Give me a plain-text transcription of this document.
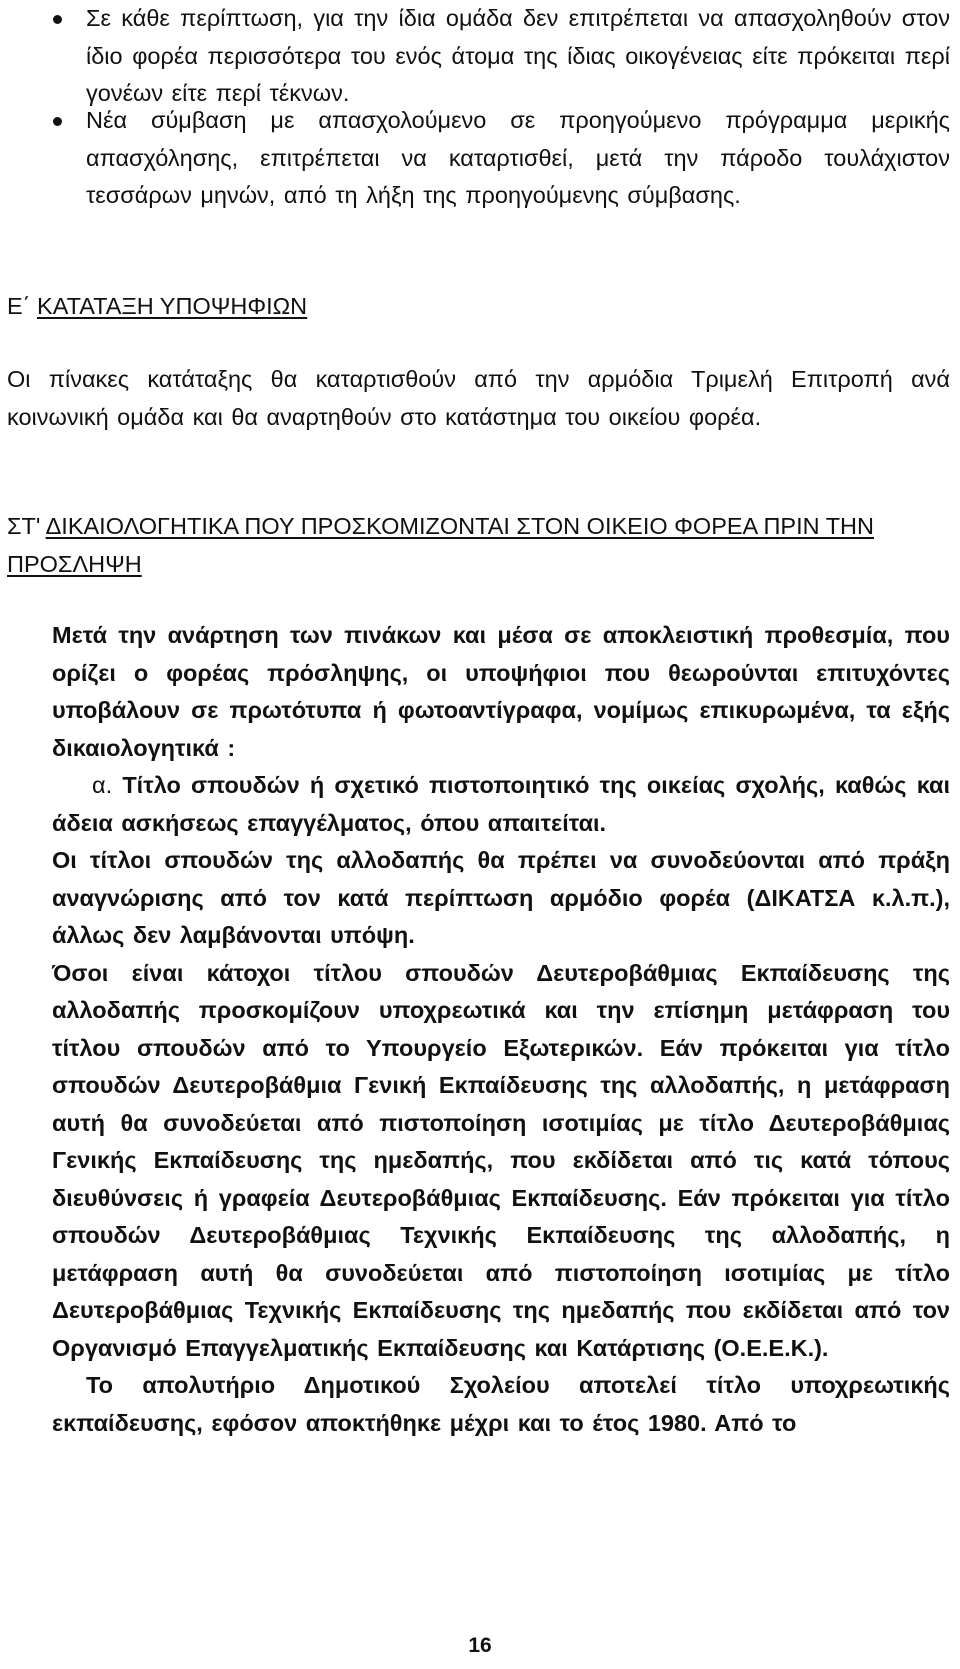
Σε κάθε περίπτωση, για την ίδια ομάδα δεν επιτρέπεται να απασχοληθούν στον ίδιο φορέα περισσότερα του ενός άτομα της ίδιας οικογένειας είτε πρόκειται περί γονέων είτε περί τέκνων.
Νέα σύμβαση με απασχολούμενο σε προηγούμενο πρόγραμμα μερικής απασχόλησης, επιτρέπεται να καταρτισθεί, μετά την πάροδο τουλάχιστον τεσσάρων μηνών, από τη λήξη της προηγούμενης σύμβασης.
Ε΄ ΚΑΤΑΤΑΞΗ ΥΠΟΨΗΦΙΩΝ
Οι πίνακες κατάταξης θα καταρτισθούν από την αρμόδια Τριμελή Επιτροπή ανά κοινωνική ομάδα και θα αναρτηθούν στο κατάστημα του οικείου φορέα.
ΣΤ' ΔΙΚΑΙΟΛΟΓΗΤΙΚΑ ΠΟΥ ΠΡΟΣΚΟΜΙΖΟΝΤΑΙ ΣΤΟΝ ΟΙΚΕΙΟ ΦΟΡΕΑ ΠΡΙΝ ΤΗΝ ΠΡΟΣΛΗΨΗ

Μετά την ανάρτηση των πινάκων και μέσα σε αποκλειστική προθεσμία, που ορίζει ο φορέας πρόσληψης, οι υποψήφιοι που θεωρούνται επιτυχόντες υποβάλουν σε πρωτότυπα ή φωτοαντίγραφα, νομίμως επικυρωμένα, τα εξής δικαιολογητικά :

α. Τίτλο σπουδών ή σχετικό πιστοποιητικό της οικείας σχολής, καθώς και άδεια ασκήσεως επαγγέλματος, όπου απαιτείται.

Οι τίτλοι σπουδών της αλλοδαπής θα πρέπει να συνοδεύονται από πράξη αναγνώρισης από τον κατά περίπτωση αρμόδιο φορέα (ΔΙΚΑΤΣΑ κ.λ.π.), άλλως δεν λαμβάνονται υπόψη.

Όσοι είναι κάτοχοι τίτλου σπουδών Δευτεροβάθμιας Εκπαίδευσης της αλλοδαπής προσκομίζουν υποχρεωτικά και την επίσημη μετάφραση του τίτλου σπουδών από το Υπουργείο Εξωτερικών. Εάν πρόκειται για τίτλο σπουδών Δευτεροβάθμια Γενική Εκπαίδευσης της αλλοδαπής, η μετάφραση αυτή θα συνοδεύεται από πιστοποίηση ισοτιμίας με τίτλο Δευτεροβάθμιας Γενικής Εκπαίδευσης της ημεδαπής, που εκδίδεται από τις κατά τόπους διευθύνσεις ή γραφεία Δευτεροβάθμιας Εκπαίδευσης. Εάν πρόκειται για τίτλο σπουδών Δευτεροβάθμιας Τεχνικής Εκπαίδευσης της αλλοδαπής, η μετάφραση αυτή θα συνοδεύεται από πιστοποίηση ισοτιμίας με τίτλο Δευτεροβάθμιας Τεχνικής Εκπαίδευσης της ημεδαπής που εκδίδεται από τον Οργανισμό Επαγγελματικής Εκπαίδευσης και Κατάρτισης (Ο.Ε.Ε.Κ.).

Το απολυτήριο Δημοτικού Σχολείου αποτελεί τίτλο υποχρεωτικής εκπαίδευσης, εφόσον αποκτήθηκε μέχρι και το έτος 1980. Από το

16
